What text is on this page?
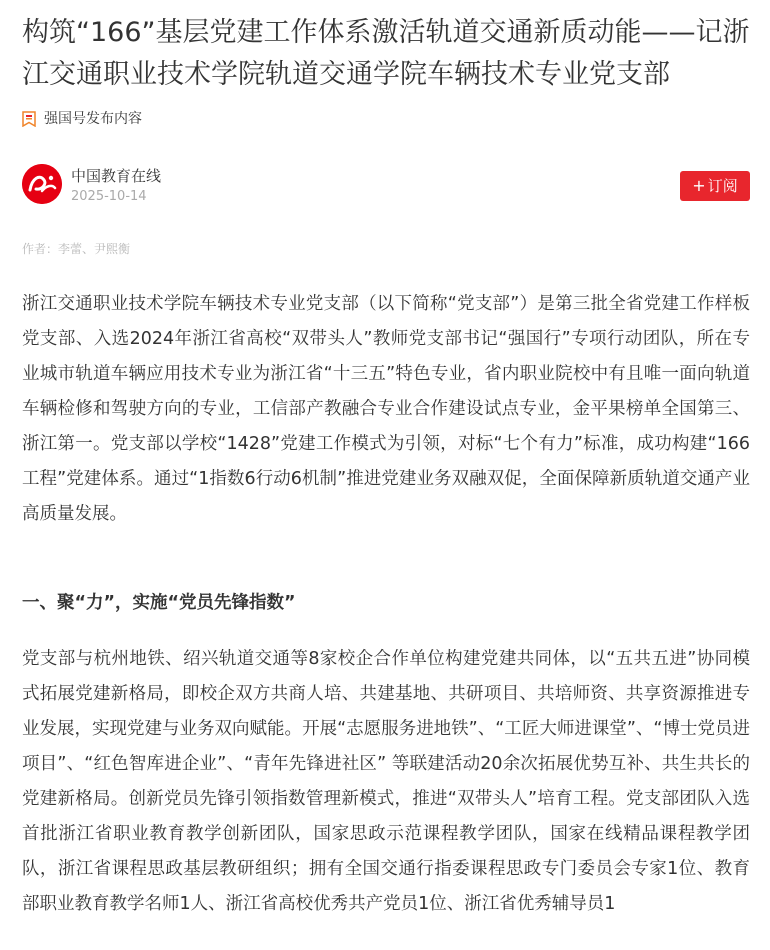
构筑“166”基层党建工作体系激活轨道交通新质动能——记浙江交通职业技术学院轨道交通学院车辆技术专业党支部
强国号发布内容
中国教育在线
2025-10-14
+ 订阅
作者：李蕾、尹熙衡

浙江交通职业技术学院车辆技术专业党支部（以下简称“党支部”）是第三批全省党建工作样板党支部、入选2024年浙江省高校“双带头人”教师党支部书记“强国行”专项行动团队，所在专业城市轨道车辆应用技术专业为浙江省“十三五”特色专业，省内职业院校中有且唯一面向轨道车辆检修和驾驶方向的专业，工信部产教融合专业合作建设试点专业，金平果榜单全国第三、浙江第一。党支部以学校“1428”党建工作模式为引领，对标“七个有力”标准，成功构建“166工程”党建体系。通过“1指数6行动6机制”推进党建业务双融双促，全面保障新质轨道交通产业高质量发展。

一、聚“力”，实施“党员先锋指数”

党支部与杭州地铁、绍兴轨道交通等8家校企合作单位构建党建共同体，以“五共五进”协同模式拓展党建新格局，即校企双方共商人培、共建基地、共研项目、共培师资、共享资源推进专业发展，实现党建与业务双向赋能。开展“志愿服务进地铁”、“工匠大师进课堂”、“博士党员进项目”、“红色智库进企业”、“青年先锋进社区” 等联建活动20余次拓展优势互补、共生共长的党建新格局。创新党员先锋引领指数管理新模式，推进“双带头人”培育工程。党支部团队入选首批浙江省职业教育教学创新团队，国家思政示范课程教学团队，国家在线精品课程教学团队，浙江省课程思政基层教研组织；拥有全国交通行指委课程思政专门委员会专家1位、教育部职业教育教学名师1人、浙江省高校优秀共产党员1位、浙江省优秀辅导员1
